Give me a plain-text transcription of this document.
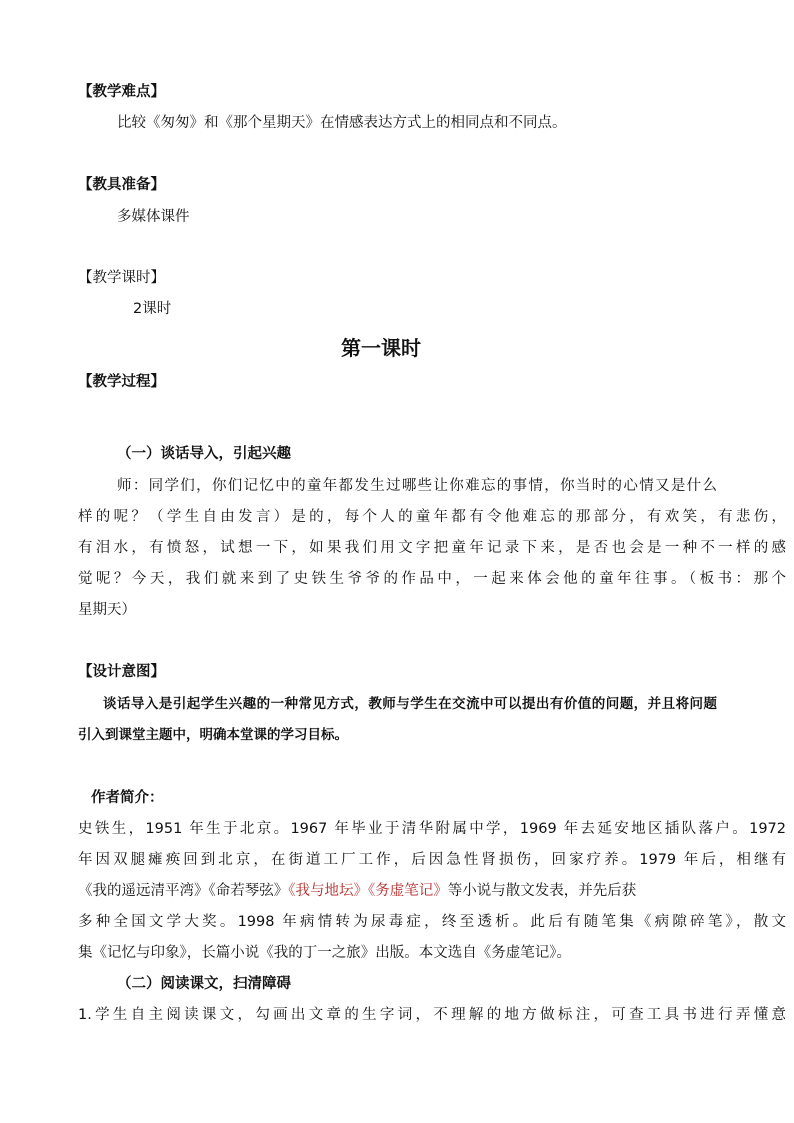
【教学难点】
比较《匆匆》和《那个星期天》在情感表达方式上的相同点和不同点。
【教具准备】
多媒体课件
【教学课时】
2课时
第一课时
【教学过程】
（一）谈话导入，引起兴趣
师：同学们，你们记忆中的童年都发生过哪些让你难忘的事情，你当时的心情又是什么
样的呢？（学生自由发言）是的，每个人的童年都有令他难忘的那部分，有欢笑，有悲伤，
有泪水，有愤怒，试想一下，如果我们用文字把童年记录下来，是否也会是一种不一样的感
觉呢？今天，我们就来到了史铁生爷爷的作品中，一起来体会他的童年往事。（板书：那个
星期天）
【设计意图】
谈话导入是引起学生兴趣的一种常见方式，教师与学生在交流中可以提出有价值的问题，并且将问题
引入到课堂主题中，明确本堂课的学习目标。
作者简介：
史铁生，1951 年生于北京。1967 年毕业于清华附属中学，1969 年去延安地区插队落户。1972
年因双腿瘫痪回到北京，在街道工厂工作，后因急性肾损伤，回家疗养。1979 年后，相继有
《我的遥远清平湾》《命若琴弦》《我与地坛》《务虚笔记》等小说与散文发表，并先后获
多种全国文学大奖。1998 年病情转为尿毒症，终至透析。此后有随笔集《病隙碎笔》，散文
集《记忆与印象》，长篇小说《我的丁一之旅》出版。本文选自《务虚笔记》。
（二）阅读课文，扫清障碍
1.学生自主阅读课文，勾画出文章的生字词，不理解的地方做标注，可查工具书进行弄懂意
